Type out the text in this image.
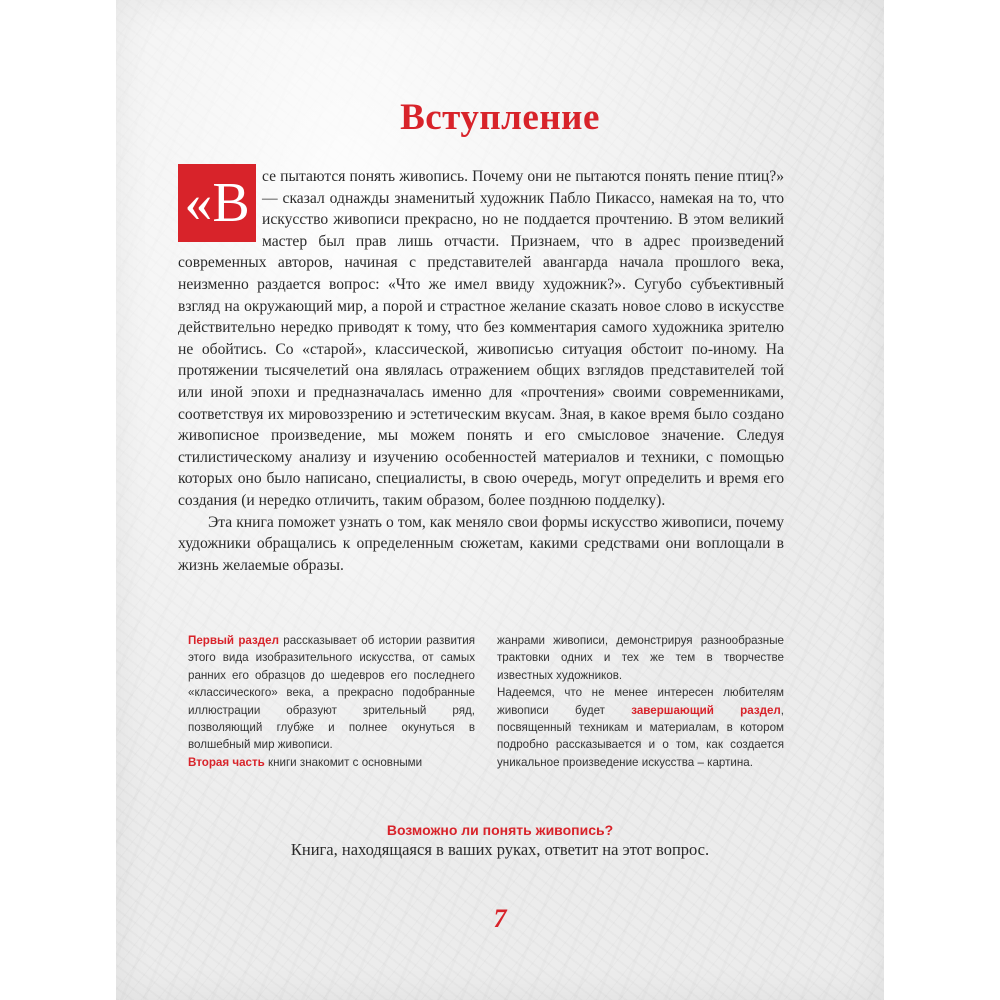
Вступление

се пытаются понять живопись. Почему они не пытаются понять пение птиц?» — сказал однажды знаменитый художник Пабло Пикассо, намекая на то, что искусство живописи прекрасно, но не поддается прочтению. В этом великий мастер был прав лишь отчасти. Признаем, что в адрес произведений современных авторов, начиная с представителей авангарда начала прошлого века, неизменно раздается вопрос: «Что же имел ввиду художник?». Сугубо субъективный взгляд на окружающий мир, а порой и страстное желание сказать новое слово в искусстве действительно нередко приводят к тому, что без комментария самого художника зрителю не обойтись. Со «старой», классической, живописью ситуация обстоит по-иному. На протяжении тысячелетий она являлась отражением общих взглядов представителей той или иной эпохи и предназначалась именно для «прочтения» своими современниками, соответствуя их мировоззрению и эстетическим вкусам. Зная, в какое время было создано живописное произведение, мы можем понять и его смысловое значение. Следуя стилистическому анализу и изучению особенностей материалов и техники, с помощью которых оно было написано, специалисты, в свою очередь, могут определить и время его создания (и нередко отличить, таким образом, более позднюю подделку).

Эта книга поможет узнать о том, как меняло свои формы искусство живописи, почему художники обращались к определенным сюжетам, какими средствами они воплощали в жизнь желаемые образы.

«В

Первый раздел рассказывает об истории развития этого вида изобразительного искусства, от самых ранних его образцов до шедевров его последнего «классического» века, а прекрасно подобранные иллюстрации образуют зрительный ряд, позволяющий глубже и полнее окунуться в волшебный мир живописи.

Вторая часть книги знакомит с основными

жанрами живописи, демонстрируя разнообразные трактовки одних и тех же тем в творчестве известных художников.

Надеемся, что не менее интересен любителям живописи будет завершающий раздел, посвященный техникам и материалам, в котором подробно рассказывается и о том, как создается уникальное произведение искусства – картина.

Возможно ли понять живопись?
Книга, находящаяся в ваших руках, ответит на этот вопрос.
7
